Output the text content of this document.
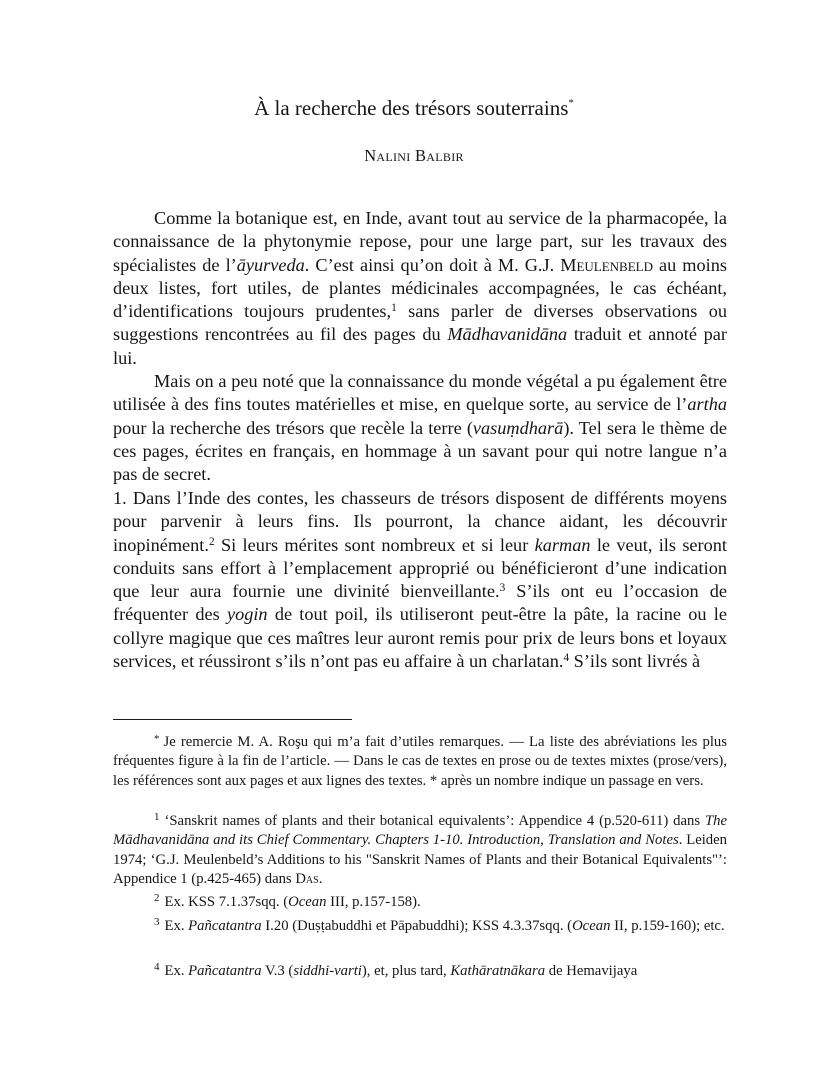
À la recherche des trésors souterrains*
Nalini Balbir

Comme la botanique est, en Inde, avant tout au service de la pharmacopée, la connaissance de la phytonymie repose, pour une large part, sur les travaux des spécialistes de l’āyurveda. C’est ainsi qu’on doit à M. G.J. Meulenbeld au moins deux listes, fort utiles, de plantes médicinales accompagnées, le cas échéant, d’identifications toujours prudentes,$^1$ sans parler de diverses observations ou suggestions rencontrées au fil des pages du Mādhavanidāna traduit et annoté par lui.

Mais on a peu noté que la connaissance du monde végétal a pu également être utilisée à des fins toutes matérielles et mise, en quelque sorte, au service de l’artha pour la recherche des trésors que recèle la terre (vasuṃdharā). Tel sera le thème de ces pages, écrites en français, en hommage à un savant pour qui notre langue n’a pas de secret.

1. Dans l’Inde des contes, les chasseurs de trésors disposent de différents moyens pour parvenir à leurs fins. Ils pourront, la chance aidant, les découvrir inopinément.$^2$ Si leurs mérites sont nombreux et si leur karman le veut, ils seront conduits sans effort à l’emplacement approprié ou bénéficieront d’une indication que leur aura fournie une divinité bienveillante.$^3$ S’ils ont eu l’occasion de fréquenter des yogin de tout poil, ils utiliseront peut-être la pâte, la racine ou le collyre magique que ces maîtres leur auront remis pour prix de leurs bons et loyaux services, et réussiront s’ils n’ont pas eu affaire à un charlatan.$^4$ S’ils sont livrés à

* Je remercie M. A. Roşu qui m’a fait d’utiles remarques. — La liste des abréviations les plus fréquentes figure à la fin de l’article. — Dans le cas de textes en prose ou de textes mixtes (prose/vers), les références sont aux pages et aux lignes des textes. * après un nombre indique un passage en vers.

$^1$ ‘Sanskrit names of plants and their botanical equivalents’: Appendice 4 (p.520-611) dans The Mādhavanidāna and its Chief Commentary. Chapters 1-10. Introduction, Translation and Notes. Leiden 1974; ‘G.J. Meulenbeld’s Additions to his "Sanskrit Names of Plants and their Botanical Equivalents"’: Appendice 1 (p.425-465) dans Das.

$^2$ Ex. KSS 7.1.37sqq. (Ocean III, p.157-158).

$^3$ Ex. Pañcatantra I.20 (Duṣṭabuddhi et Pāpabuddhi); KSS 4.3.37sqq. (Ocean II, p.159-160); etc.

$^4$ Ex. Pañcatantra V.3 (siddhi-varti), et, plus tard, Kathāratnākara de Hemavijaya
